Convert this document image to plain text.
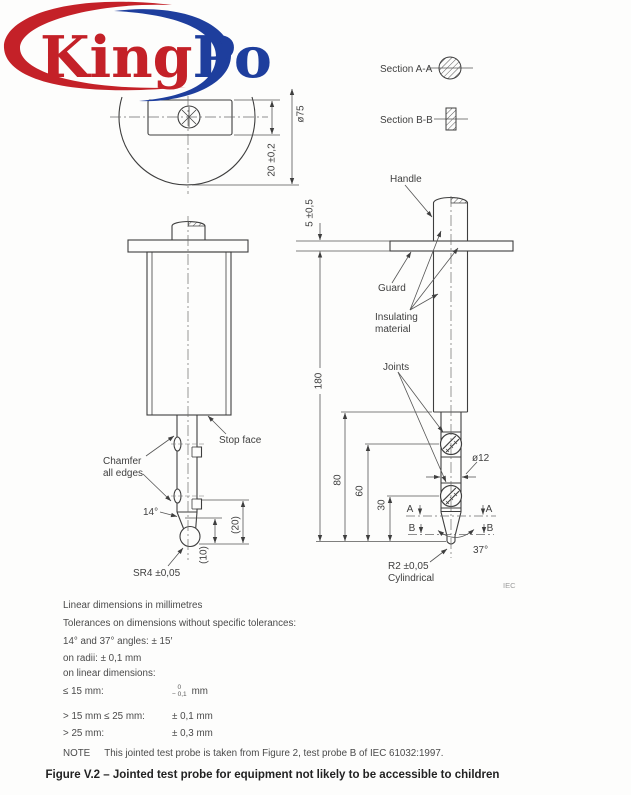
ø75
20 ±0,2
KingPo	Section A-A
Section B-B
(20)
(10)
Stop face
Chamfer
all edges
14°
SR4 ±0,05
5 ±0,5
180
80
60
30
Handle
Guard
Insulating
material
Joints
ø12
A	A
B	B
37°
R2 ±0,05
Cylindrical
IEC
Linear dimensions in millimetres
Tolerances on dimensions without specific tolerances:
14° and 37° angles: ± 15′
on radii: ± 0,1 mm
on linear dimensions:
≤ 15 mm:	0
− 0,1 mm
> 15 mm ≤ 25 mm:	± 0,1 mm
> 25 mm:	± 0,3 mm
NOTE This jointed test probe is taken from Figure 2, test probe B of IEC 61032:1997.
Figure V.2 – Jointed test probe for equipment not likely to be accessible to children
